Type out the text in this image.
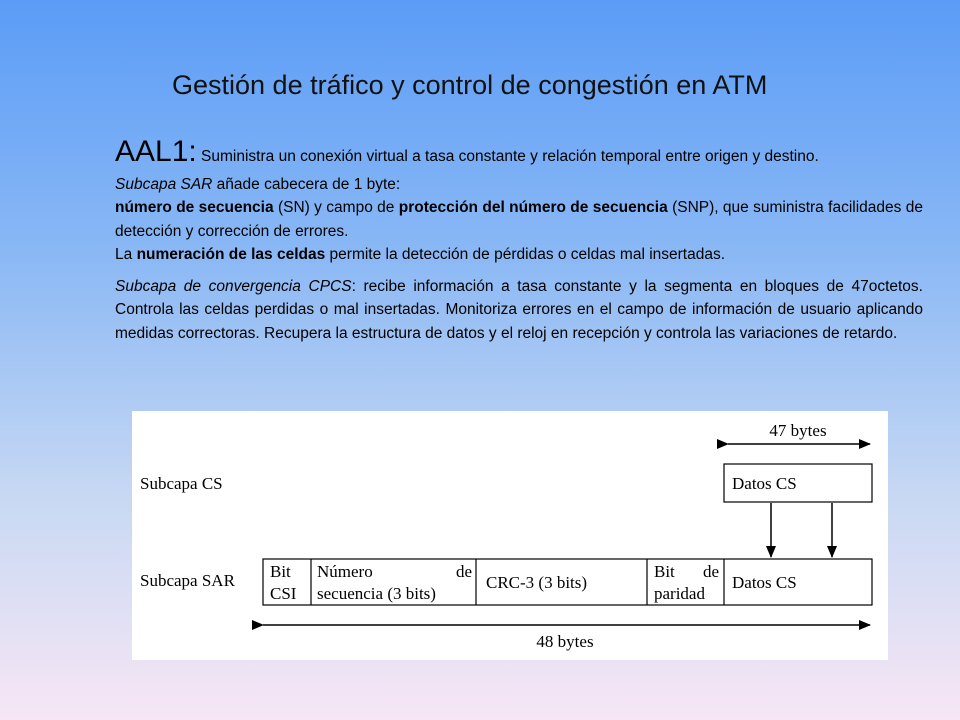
Gestión de tráfico y control de congestión en ATM

AAL1: Suministra un conexión virtual a tasa constante y relación temporal entre origen y destino.

Subcapa SAR añade cabecera de 1 byte:

número de secuencia (SN) y campo de protección del número de secuencia (SNP), que suministra facilidades de detección y corrección de errores.

La numeración de las celdas permite la detección de pérdidas o celdas mal insertadas.

Subcapa de convergencia CPCS: recibe información a tasa constante y la segmenta en bloques de 47octetos. Controla las celdas perdidas o mal insertadas. Monitoriza errores en el campo de información de usuario aplicando medidas correctoras. Recupera la estructura de datos y el reloj en recepción y controla las variaciones de retardo.

Subcapa CS
Subcapa SAR
47 bytes
Datos CS
Bit
CSI
Número	de
secuencia (3 bits)
CRC-3 (3 bits)
Bit de
paridad
Datos CS
48 bytes
